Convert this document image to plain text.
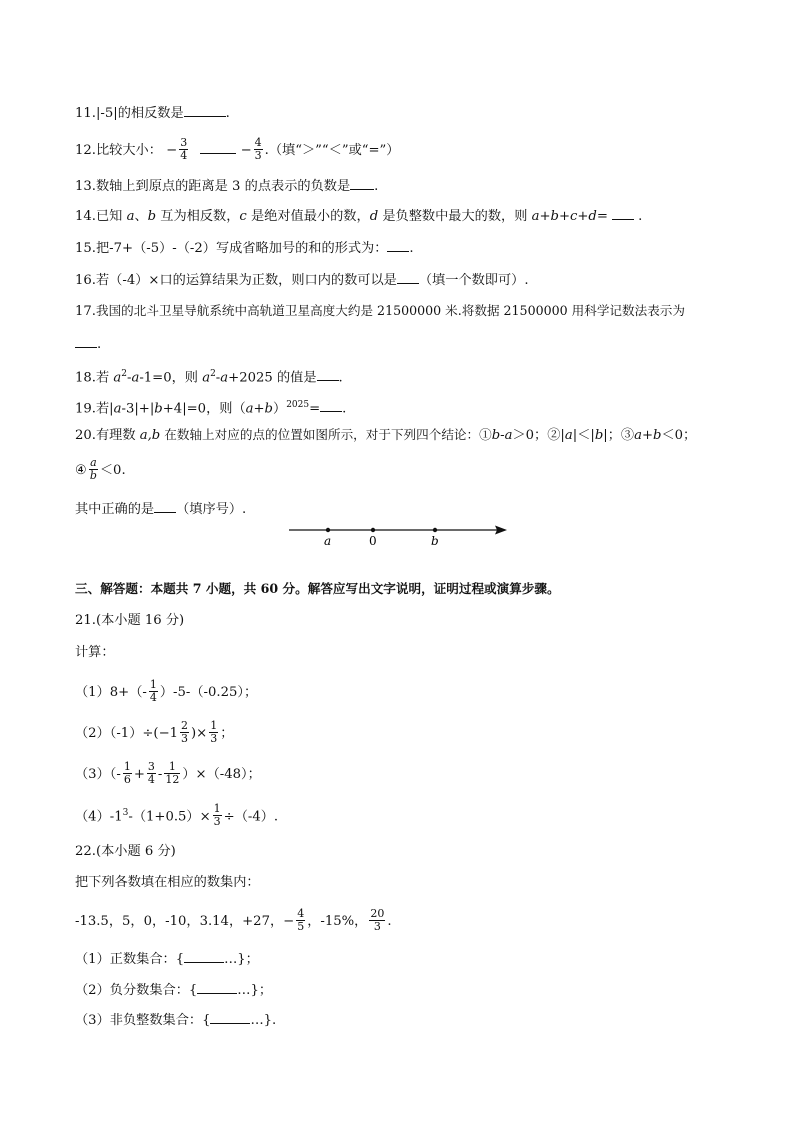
11.|-5|的相反数是	.
12.比较大小： − $\frac{3}{4}$	− $\frac{4}{3}$ .（填“＞”“＜”或“=”）
13.数轴上到原点的距离是 3 的点表示的负数是 .
14.已知 a、b 互为相反数，c 是绝对值最小的数，d 是负整数中最大的数，则 a+b+c+d= .
15.把-7+（-5）-（-2）写成省略加号的和的形式为： .
16.若（-4）×口的运算结果为正数，则口内的数可以是 （填一个数即可）.
17.我国的北斗卫星导航系统中高轨道卫星高度大约是 21500000 米.将数据 21500000 用科学记数法表示为
.
18.若 $a^2-a-1=0$，则 $a^2-a+2025$ 的值是 .
19.若|a-3|+|b+4|=0，则$(a+b)^{2025}=$ .
20.有理数 a,b 在数轴上对应的点的位置如图所示，对于下列四个结论：①b-a＞0；②|a|＜|b|；③a+b＜0；
④ $\frac{a}{b} <0$.
其中正确的是 （填序号）.
a	0	b
三、解答题：本题共 7 小题，共 60 分。解答应写出文字说明，证明过程或演算步骤。
21.(本小题 16 分)
计算：
$(1)8+(- \frac{1}{4} )-5-(-0.25)$；
$(2)(-1)\div(-1 \frac{2}{3}$ )× $\frac{1}{3}$ ；
$(3)(- \frac{1}{6} + \frac{3}{4} - \frac{1}{12} )\times(-48)$；
$(4)-1^3-(1+0.5)\times \frac{1}{3} \div(-4)$.
22.(本小题 6 分)
把下列各数填在相应的数集内：
-13.5，5，0，-10，3.14，+27，− $\frac{4}{5}$ ，-15%， $\frac{20}{3}$ .
（1）正数集合：{	…}；
（2）负分数集合：{	…}；
（3）非负整数集合：{	…}.
